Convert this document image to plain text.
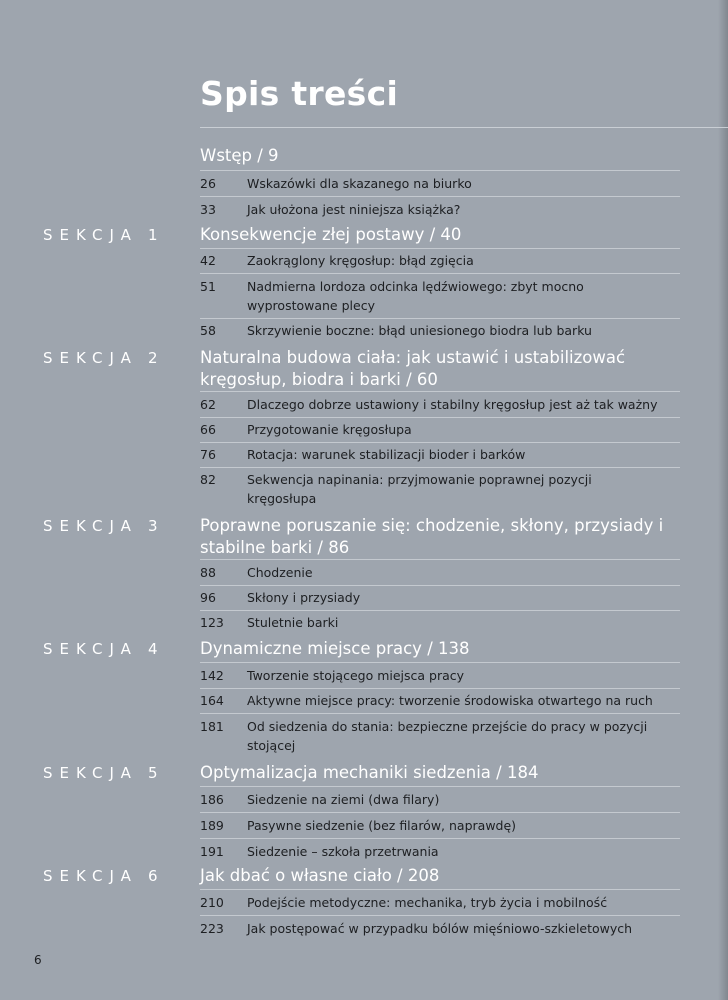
Spis treści
Wstęp / 9
26	Wskazówki dla skazanego na biurko
33	Jak ułożona jest niniejsza książka?
SEKCJA 1	Konsekwencje złej postawy / 40
42	Zaokrąglony kręgosłup: błąd zgięcia
51	Nadmierna lordoza odcinka lędźwiowego: zbyt mocno wyprostowane plecy
58	Skrzywienie boczne: błąd uniesionego biodra lub barku
SEKCJA 2	Naturalna budowa ciała: jak ustawić i ustabilizować kręgosłup, biodra i barki / 60
62	Dlaczego dobrze ustawiony i stabilny kręgosłup jest aż tak ważny
66	Przygotowanie kręgosłupa
76	Rotacja: warunek stabilizacji bioder i barków
82	Sekwencja napinania: przyjmowanie poprawnej pozycji kręgosłupa
SEKCJA 3	Poprawne poruszanie się: chodzenie, skłony, przysiady i stabilne barki / 86
88	Chodzenie
96	Skłony i przysiady
123	Stuletnie barki
SEKCJA 4	Dynamiczne miejsce pracy / 138
142	Tworzenie stojącego miejsca pracy
164	Aktywne miejsce pracy: tworzenie środowiska otwartego na ruch
181	Od siedzenia do stania: bezpieczne przejście do pracy w pozycji stojącej
SEKCJA 5	Optymalizacja mechaniki siedzenia / 184
186	Siedzenie na ziemi (dwa filary)
189	Pasywne siedzenie (bez filarów, naprawdę)
191	Siedzenie – szkoła przetrwania
SEKCJA 6	Jak dbać o własne ciało / 208
210	Podejście metodyczne: mechanika, tryb życia i mobilność
223	Jak postępować w przypadku bólów mięśniowo-szkieletowych
6
